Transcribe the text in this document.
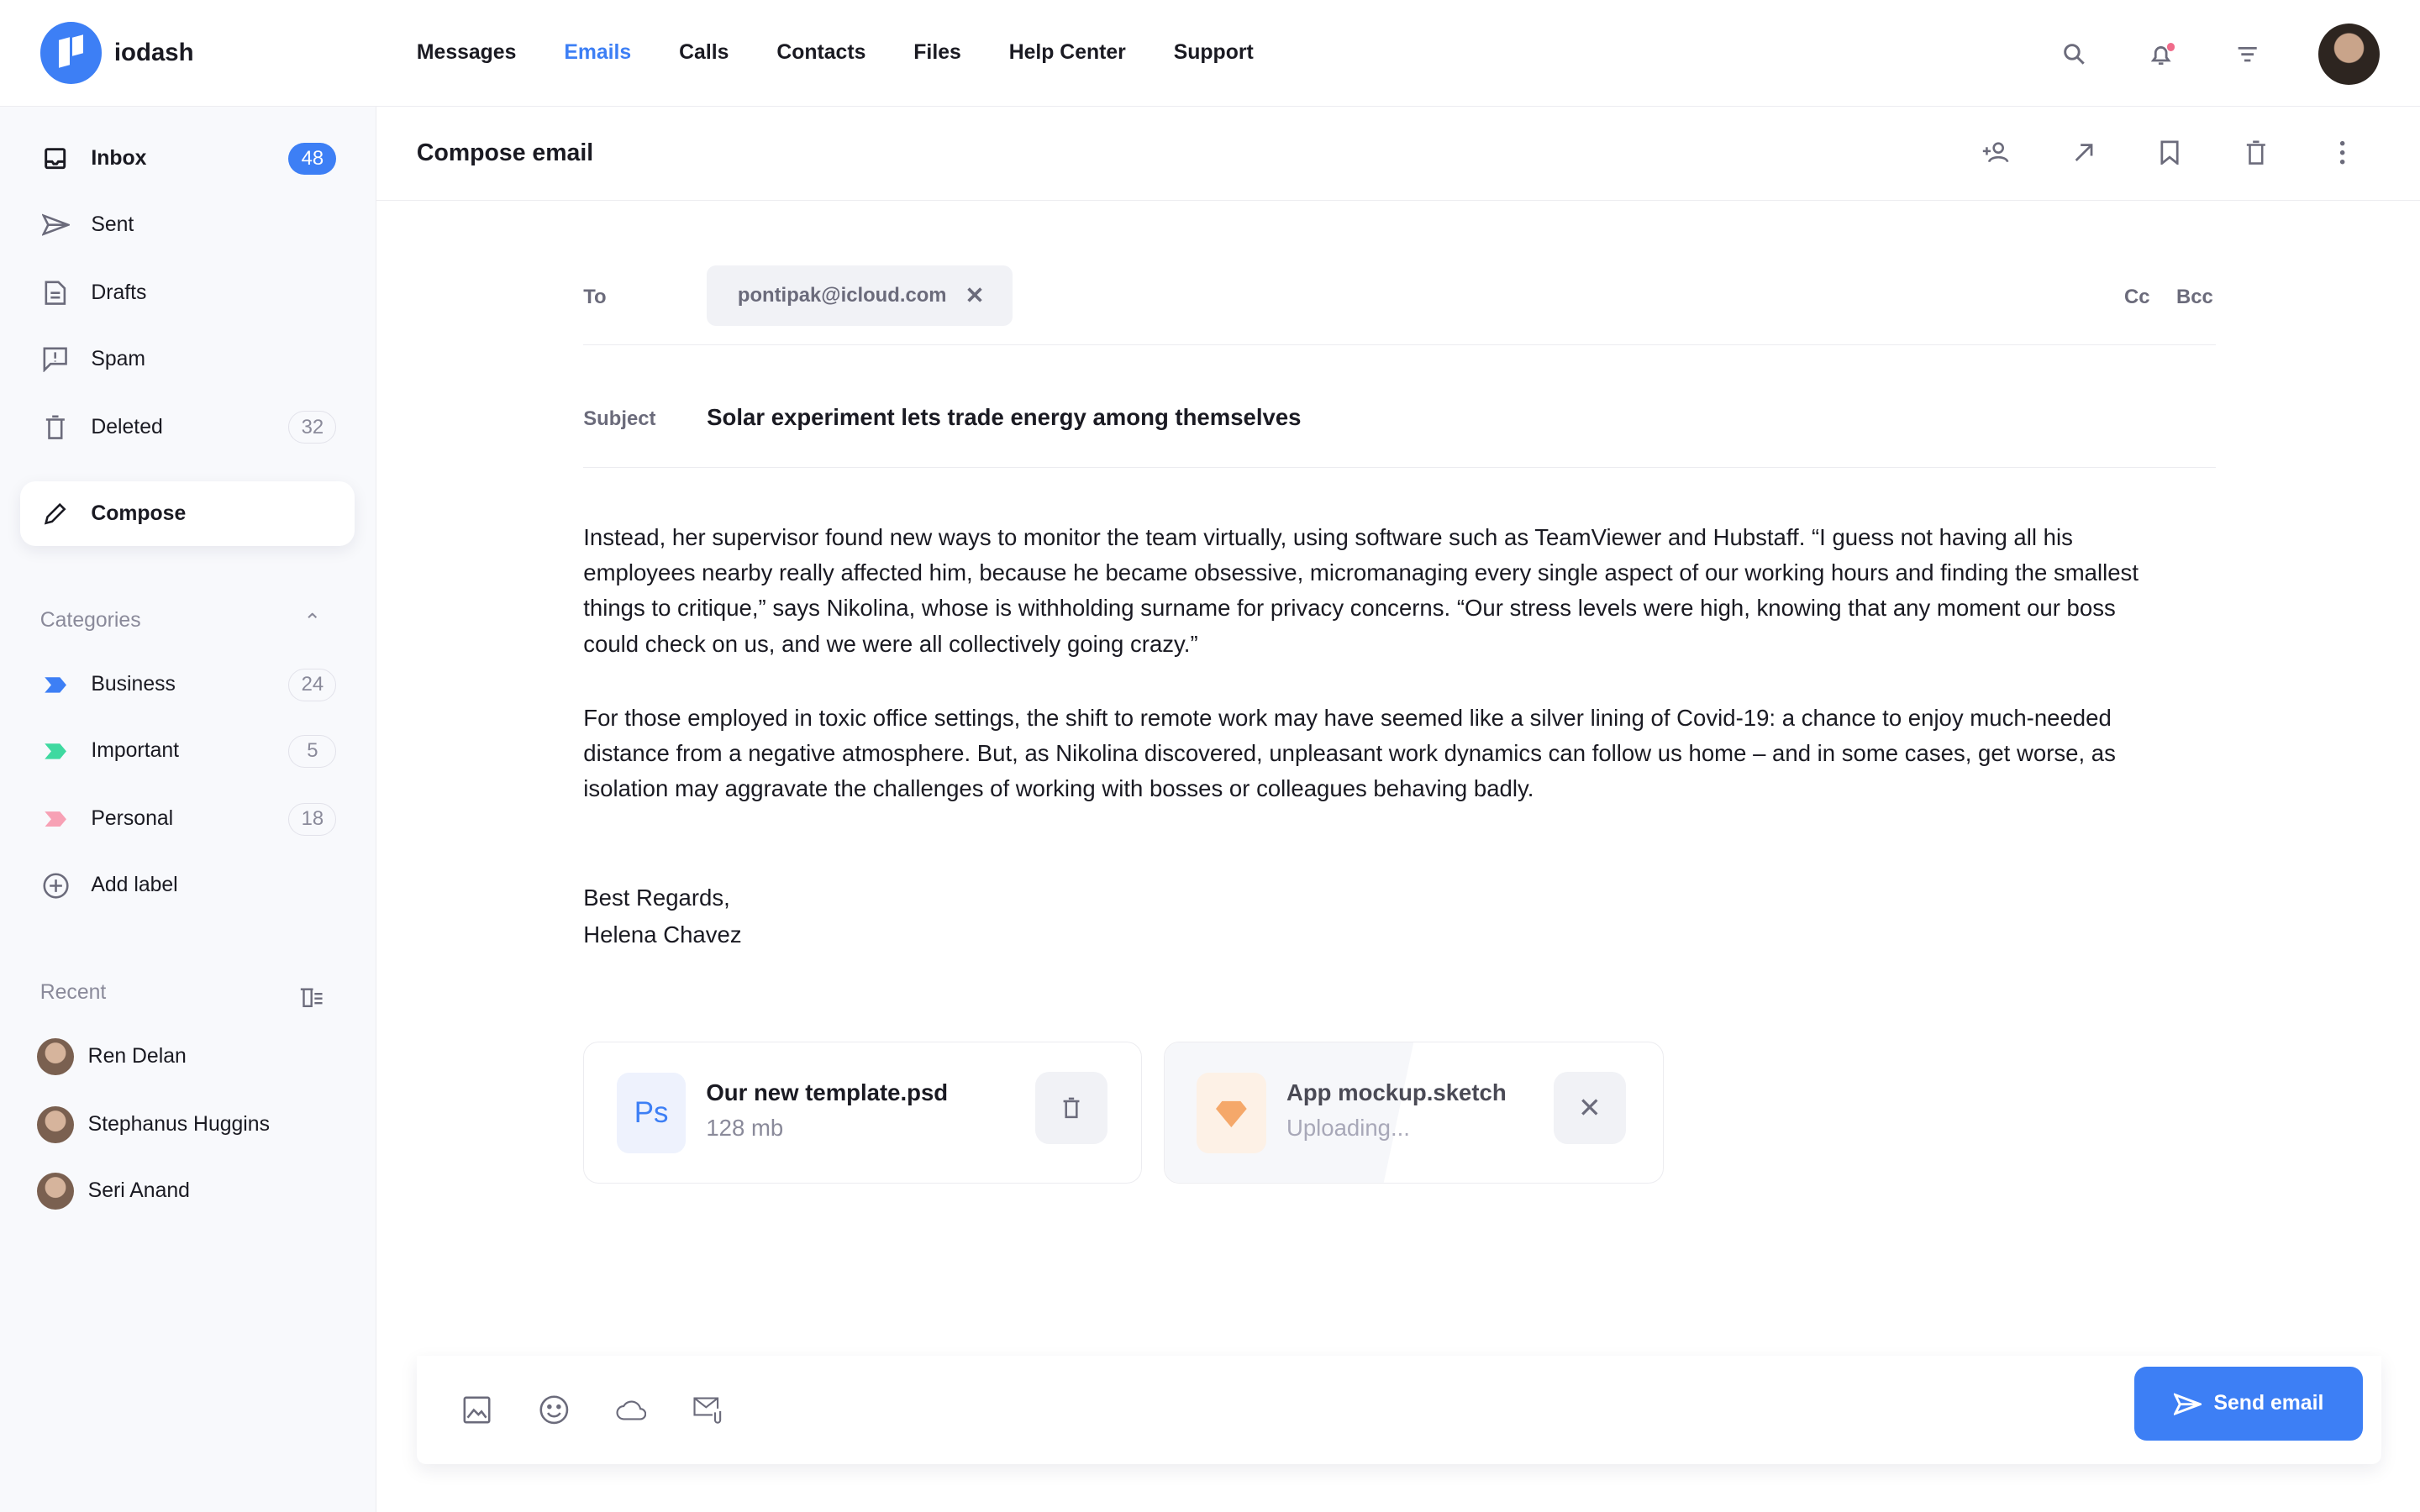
iodash	Messages	Emails	Calls	Contacts	Files	Help Center	Support
Inbox	48
Sent
Drafts
Spam
Deleted	32
Compose
Categories	⌃
Business	24
Important	5
Personal	18
Add label
Recent
Ren Delan
Stephanus Huggins
Seri Anand
Compose email
To	pontipak@icloud.com ✕	Cc Bcc
Subject	Solar experiment lets trade energy among themselves

Instead, her supervisor found new ways to monitor the team virtually, using software such as TeamViewer and Hubstaff. “I guess not having all his employees nearby really affected him, because he became obsessive, micromanaging every single aspect of our working hours and finding the smallest things to critique,” says Nikolina, whose is withholding surname for privacy concerns. “Our stress levels were high, knowing that any moment our boss could check on us, and we were all collectively going crazy.”

For those employed in toxic office settings, the shift to remote work may have seemed like a silver lining of Covid-19: a chance to enjoy much-needed distance from a negative atmosphere. But, as Nikolina discovered, unpleasant work dynamics can follow us home – and in some cases, get worse, as isolation may aggravate the challenges of working with bosses or colleagues behaving badly.

Best Regards,
Helena Chavez
Ps
Our new template.psd
128 mb
App mockup.sketch
Uploading...
✕
Send email
